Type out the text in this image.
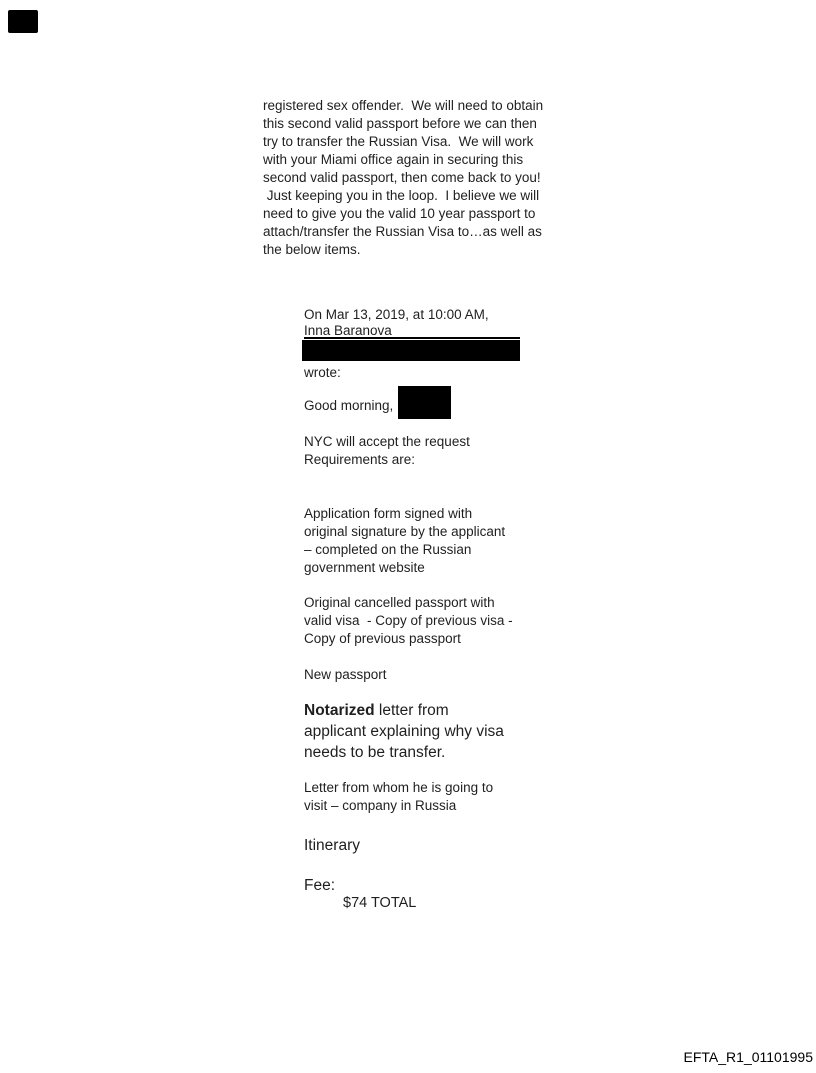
registered sex offender.  We will need to obtain
this second valid passport before we can then
try to transfer the Russian Visa.  We will work
with your Miami office again in securing this
second valid passport, then come back to you!
Just keeping you in the loop.  I believe we will
need to give you the valid 10 year passport to
attach/transfer the Russian Visa to…as well as
the below items.
On Mar 13, 2019, at 10:00 AM,
Inna Baranova
wrote:
Good morning,
NYC will accept the request
Requirements are:
Application form signed with
original signature by the applicant
– completed on the Russian
government website
Original cancelled passport with
valid visa  - Copy of previous visa -
Copy of previous passport
New passport
Notarized letter from
applicant explaining why visa
needs to be transfer.
Letter from whom he is going to
visit – company in Russia
Itinerary
Fee:
$74 TOTAL
EFTA_R1_01101995
